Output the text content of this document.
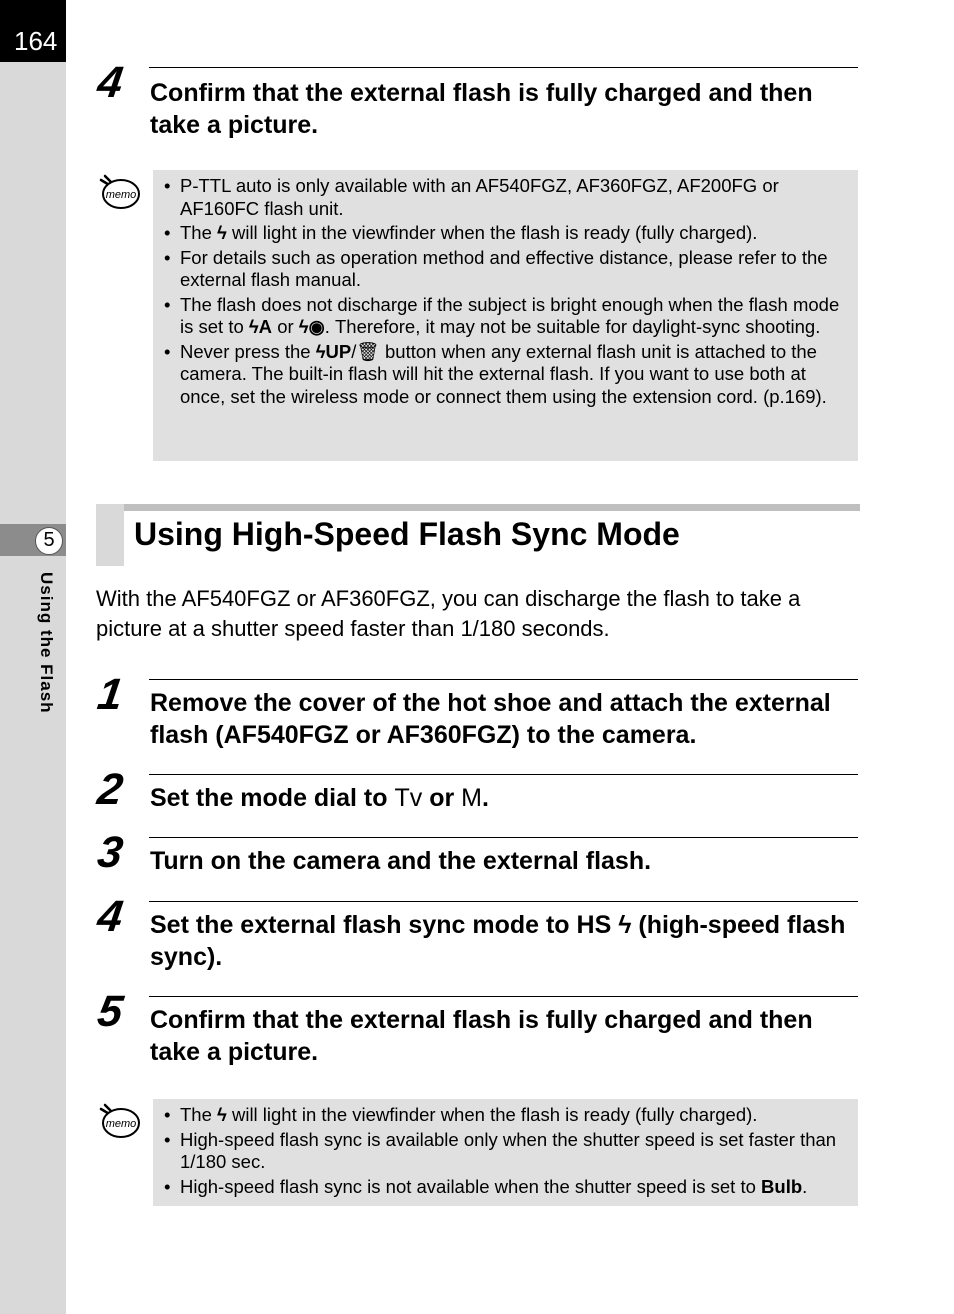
164
5
Using the Flash
4 Confirm that the external flash is fully charged and then take a picture.
memo	• P-TTL auto is only available with an AF540FGZ, AF360FGZ, AF200FG or AF160FC flash unit.
• The ϟ will light in the viewfinder when the flash is ready (fully charged).
• For details such as operation method and effective distance, please refer to the external flash manual.
• The flash does not discharge if the subject is bright enough when the flash mode is set to ϟA or ϟ◉. Therefore, it may not be suitable for daylight-sync shooting.
• Never press the ϟUP/🗑 button when any external flash unit is attached to the camera. The built-in flash will hit the external flash. If you want to use both at once, set the wireless mode or connect them using the extension cord. (p.169).
Using High-Speed Flash Sync Mode
With the AF540FGZ or AF360FGZ, you can discharge the flash to take a picture at a shutter speed faster than 1/180 seconds.
1 Remove the cover of the hot shoe and attach the external flash (AF540FGZ or AF360FGZ) to the camera.
2 Set the mode dial to Tv or M.
3 Turn on the camera and the external flash.
4 Set the external flash sync mode to HS ϟ (high-speed flash sync).
5 Confirm that the external flash is fully charged and then take a picture.
memo	• The ϟ will light in the viewfinder when the flash is ready (fully charged).
• High-speed flash sync is available only when the shutter speed is set faster than 1/180 sec.
• High-speed flash sync is not available when the shutter speed is set to Bulb.
